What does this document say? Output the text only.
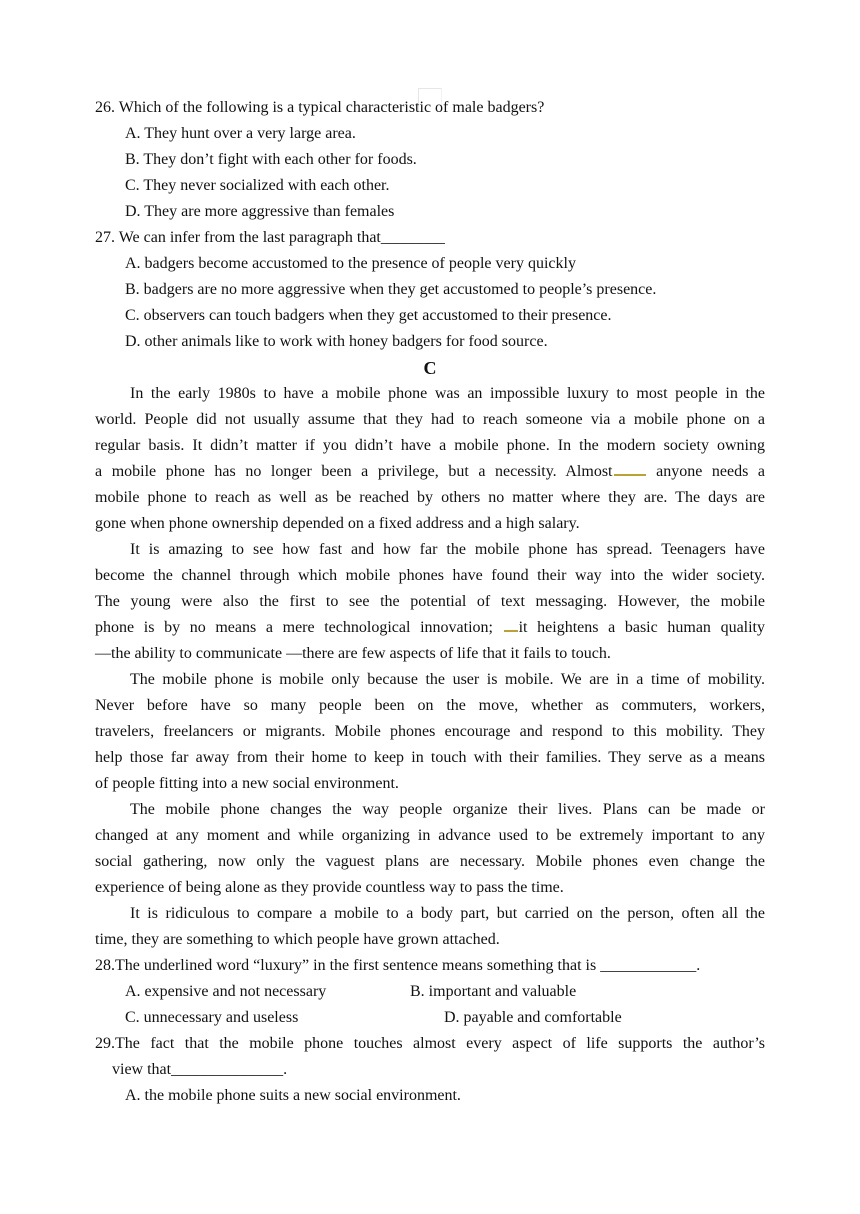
26. Which of the following is a typical characteristic of male badgers?
A. They hunt over a very large area.
B. They don’t fight with each other for foods.
C. They never socialized with each other.
D. They are more aggressive than females
27. We can infer from the last paragraph that________
A. badgers become accustomed to the presence of people very quickly
B. badgers are no more aggressive when they get accustomed to people’s presence.
C. observers can touch badgers when they get accustomed to their presence.
D. other animals like to work with honey badgers for food source.
C
In the early 1980s to have a mobile phone was an impossible luxury to most people in the
world. People did not usually assume that they had to reach someone via a mobile phone on a
regular basis. It didn’t matter if you didn’t have a mobile phone. In the modern society owning
a mobile phone has no longer been a privilege, but a necessity. Almost anyone needs a
mobile phone to reach as well as be reached by others no matter where they are. The days are
gone when phone ownership depended on a fixed address and a high salary.
It is amazing to see how fast and how far the mobile phone has spread. Teenagers have
become the channel through which mobile phones have found their way into the wider society.
The young were also the first to see the potential of text messaging. However, the mobile
phone is by no means a mere technological innovation; it heightens a basic human quality
—the ability to communicate —there are few aspects of life that it fails to touch.
The mobile phone is mobile only because the user is mobile. We are in a time of mobility.
Never before have so many people been on the move, whether as commuters, workers,
travelers, freelancers or migrants. Mobile phones encourage and respond to this mobility. They
help those far away from their home to keep in touch with their families. They serve as a means
of people fitting into a new social environment.
The mobile phone changes the way people organize their lives. Plans can be made or
changed at any moment and while organizing in advance used to be extremely important to any
social gathering, now only the vaguest plans are necessary. Mobile phones even change the
experience of being alone as they provide countless way to pass the time.
It is ridiculous to compare a mobile to a body part, but carried on the person, often all the
time, they are something to which people have grown attached.
28.The underlined word “luxury” in the first sentence means something that is ____________.
A. expensive and not necessary	B. important and valuable
C. unnecessary and useless	D. payable and comfortable
29.The fact that the mobile phone touches almost every aspect of life supports the author’s
view that______________.
A. the mobile phone suits a new social environment.
